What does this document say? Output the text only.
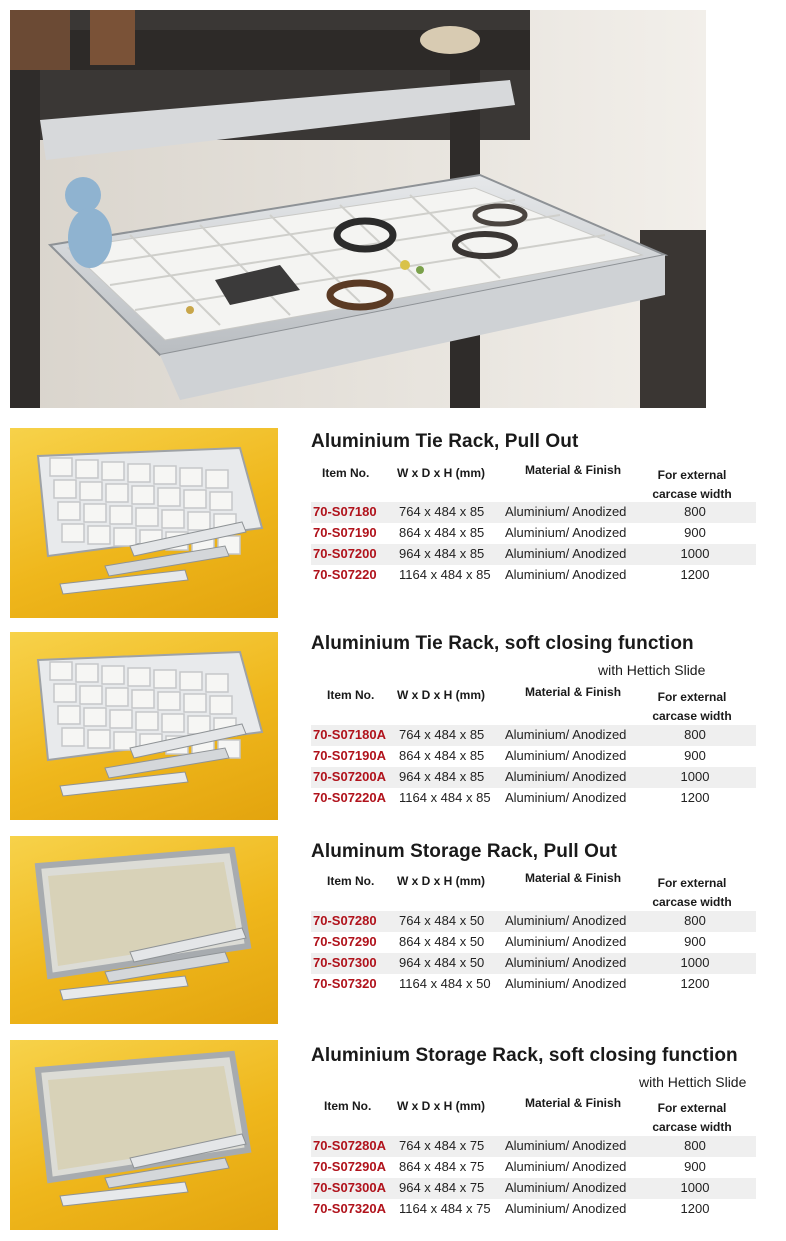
Aluminium Tie Rack, Pull Out
Item No. W x D x H (mm)	Material & Finish	For external
carcase width
70-S07180 764 x 484 x 85 Aluminium/ Anodized	800
70-S07190 864 x 484 x 85 Aluminium/ Anodized	900
70-S07200 964 x 484 x 85 Aluminium/ Anodized	1000
70-S07220 1164 x 484 x 85 Aluminium/ Anodized	1200
Aluminium Tie Rack, soft closing function
with Hettich Slide
Item No. W x D x H (mm)	Material & Finish	For external
carcase width
70-S07180A 764 x 484 x 85 Aluminium/ Anodized	800
70-S07190A 864 x 484 x 85 Aluminium/ Anodized	900
70-S07200A 964 x 484 x 85 Aluminium/ Anodized	1000
70-S07220A 1164 x 484 x 85 Aluminium/ Anodized	1200
Aluminum Storage Rack, Pull Out
Item No. W x D x H (mm)	Material & Finish	For external
carcase width
70-S07280 764 x 484 x 50 Aluminium/ Anodized	800
70-S07290 864 x 484 x 50 Aluminium/ Anodized	900
70-S07300 964 x 484 x 50 Aluminium/ Anodized	1000
70-S07320 1164 x 484 x 50 Aluminium/ Anodized	1200
Aluminium Storage Rack, soft closing function
with Hettich Slide
Item No. W x D x H (mm)	Material & Finish	For external
carcase width
70-S07280A 764 x 484 x 75 Aluminium/ Anodized	800
70-S07290A 864 x 484 x 75 Aluminium/ Anodized	900
70-S07300A 964 x 484 x 75 Aluminium/ Anodized	1000
70-S07320A 1164 x 484 x 75 Aluminium/ Anodized	1200
